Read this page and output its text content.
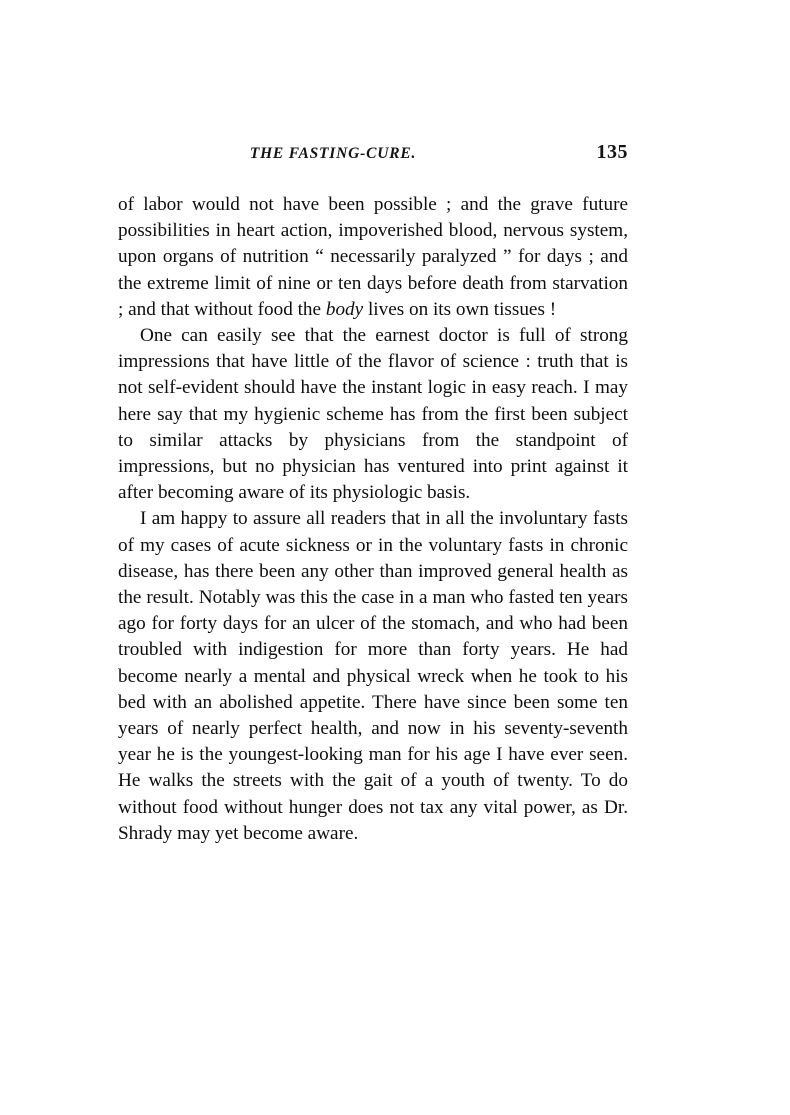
THE FASTING-CURE.	135

of labor would not have been possible ; and the grave future possibilities in heart action, impoverished blood, nervous system, upon organs of nutrition “ necessarily paralyzed ” for days ; and the extreme limit of nine or ten days before death from starvation ; and that without food the body lives on its own tissues !

One can easily see that the earnest doctor is full of strong impressions that have little of the flavor of science : truth that is not self-evident should have the instant logic in easy reach. I may here say that my hygienic scheme has from the first been subject to similar attacks by physicians from the standpoint of impressions, but no physician has ventured into print against it after becoming aware of its physiologic basis.

I am happy to assure all readers that in all the involuntary fasts of my cases of acute sickness or in the voluntary fasts in chronic disease, has there been any other than improved general health as the result. Notably was this the case in a man who fasted ten years ago for forty days for an ulcer of the stomach, and who had been troubled with indigestion for more than forty years. He had become nearly a mental and physical wreck when he took to his bed with an abolished appetite. There have since been some ten years of nearly perfect health, and now in his seventy-seventh year he is the youngest-looking man for his age I have ever seen. He walks the streets with the gait of a youth of twenty. To do without food without hunger does not tax any vital power, as Dr. Shrady may yet become aware.
